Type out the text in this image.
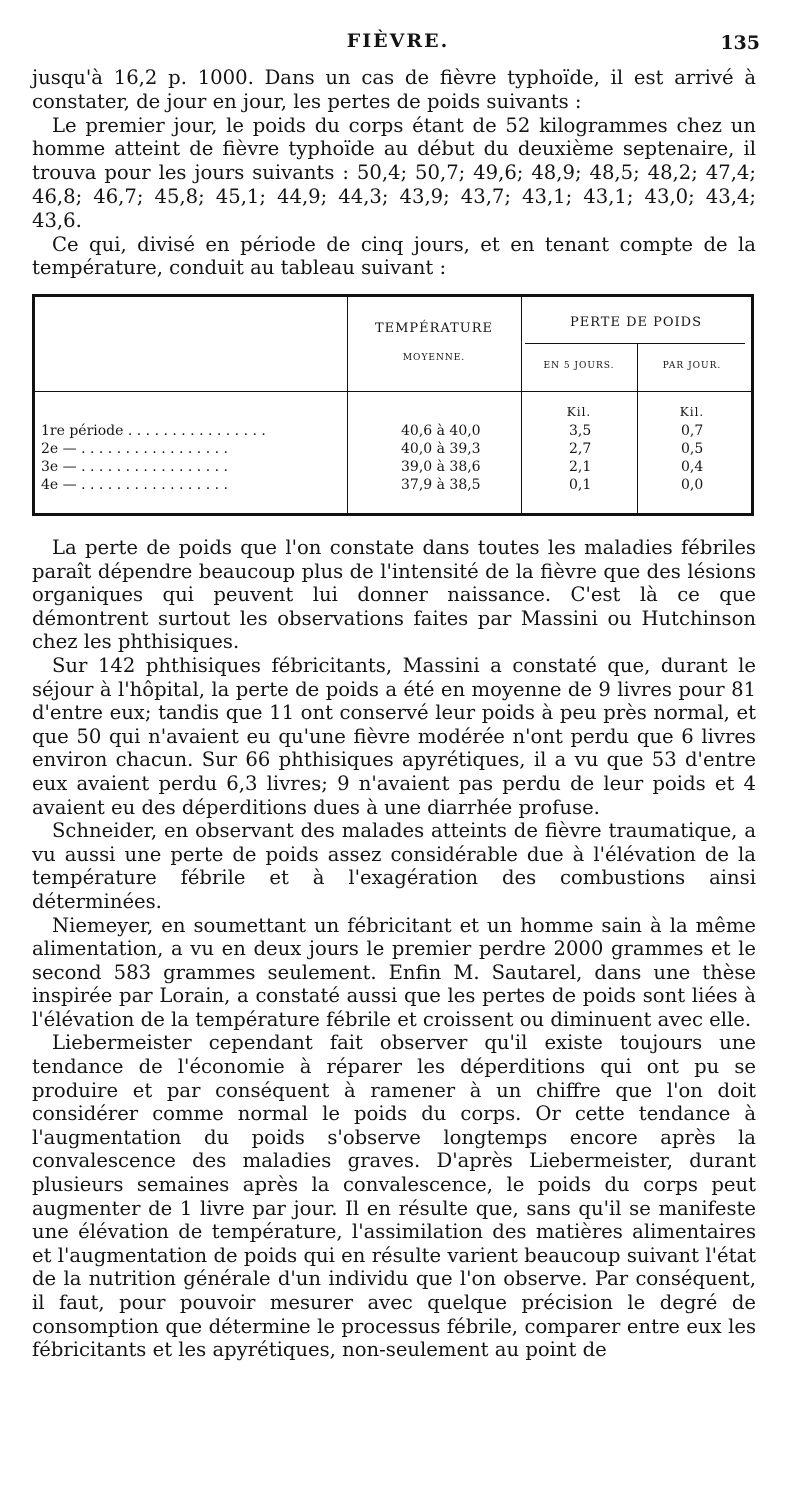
FIÈVRE.	135

jusqu'à 16,2 p. 1000. Dans un cas de fièvre typhoïde, il est arrivé à constater, de jour en jour, les pertes de poids suivants :

Le premier jour, le poids du corps étant de 52 kilogrammes chez un homme atteint de fièvre typhoïde au début du deuxième septenaire, il trouva pour les jours suivants : 50,4; 50,7; 49,6; 48,9; 48,5; 48,2; 47,4; 46,8; 46,7; 45,8; 45,1; 44,9; 44,3; 43,9; 43,7; 43,1; 43,1; 43,0; 43,4; 43,6.

Ce qui, divisé en période de cinq jours, et en tenant compte de la température, conduit au tableau suivant :

TEMPÉRATURE
MOYENNE.
PERTE DE POIDS
EN 5 JOURS.	PAR JOUR.
Kil.	Kil.
1re période . . . . . . . . . . . . . . . .	40,6 à 40,0	3,5	0,7
2e — . . . . . . . . . . . . . . . . .	40,0 à 39,3	2,7	0,5
3e — . . . . . . . . . . . . . . . . .	39,0 à 38,6	2,1	0,4
4e — . . . . . . . . . . . . . . . . .	37,9 à 38,5	0,1	0,0

La perte de poids que l'on constate dans toutes les maladies fébriles paraît dépendre beaucoup plus de l'intensité de la fièvre que des lésions organiques qui peuvent lui donner naissance. C'est là ce que démontrent surtout les observations faites par Massini ou Hutchinson chez les phthisiques.

Sur 142 phthisiques fébricitants, Massini a constaté que, durant le séjour à l'hôpital, la perte de poids a été en moyenne de 9 livres pour 81 d'entre eux; tandis que 11 ont conservé leur poids à peu près normal, et que 50 qui n'avaient eu qu'une fièvre modérée n'ont perdu que 6 livres environ chacun. Sur 66 phthisiques apyrétiques, il a vu que 53 d'entre eux avaient perdu 6,3 livres; 9 n'avaient pas perdu de leur poids et 4 avaient eu des déperditions dues à une diarrhée profuse.

Schneider, en observant des malades atteints de fièvre traumatique, a vu aussi une perte de poids assez considérable due à l'élévation de la température fébrile et à l'exagération des combustions ainsi déterminées.

Niemeyer, en soumettant un fébricitant et un homme sain à la même alimentation, a vu en deux jours le premier perdre 2000 grammes et le second 583 grammes seulement. Enfin M. Sautarel, dans une thèse inspirée par Lorain, a constaté aussi que les pertes de poids sont liées à l'élévation de la température fébrile et croissent ou diminuent avec elle.

Liebermeister cependant fait observer qu'il existe toujours une tendance de l'économie à réparer les déperditions qui ont pu se produire et par conséquent à ramener à un chiffre que l'on doit considérer comme normal le poids du corps. Or cette tendance à l'augmentation du poids s'observe longtemps encore après la convalescence des maladies graves. D'après Liebermeister, durant plusieurs semaines après la convalescence, le poids du corps peut augmenter de 1 livre par jour. Il en résulte que, sans qu'il se manifeste une élévation de température, l'assimilation des matières alimentaires et l'augmentation de poids qui en résulte varient beaucoup suivant l'état de la nutrition générale d'un individu que l'on observe. Par conséquent, il faut, pour pouvoir mesurer avec quelque précision le degré de consomption que détermine le processus fébrile, comparer entre eux les fébricitants et les apyrétiques, non-seulement au point de
